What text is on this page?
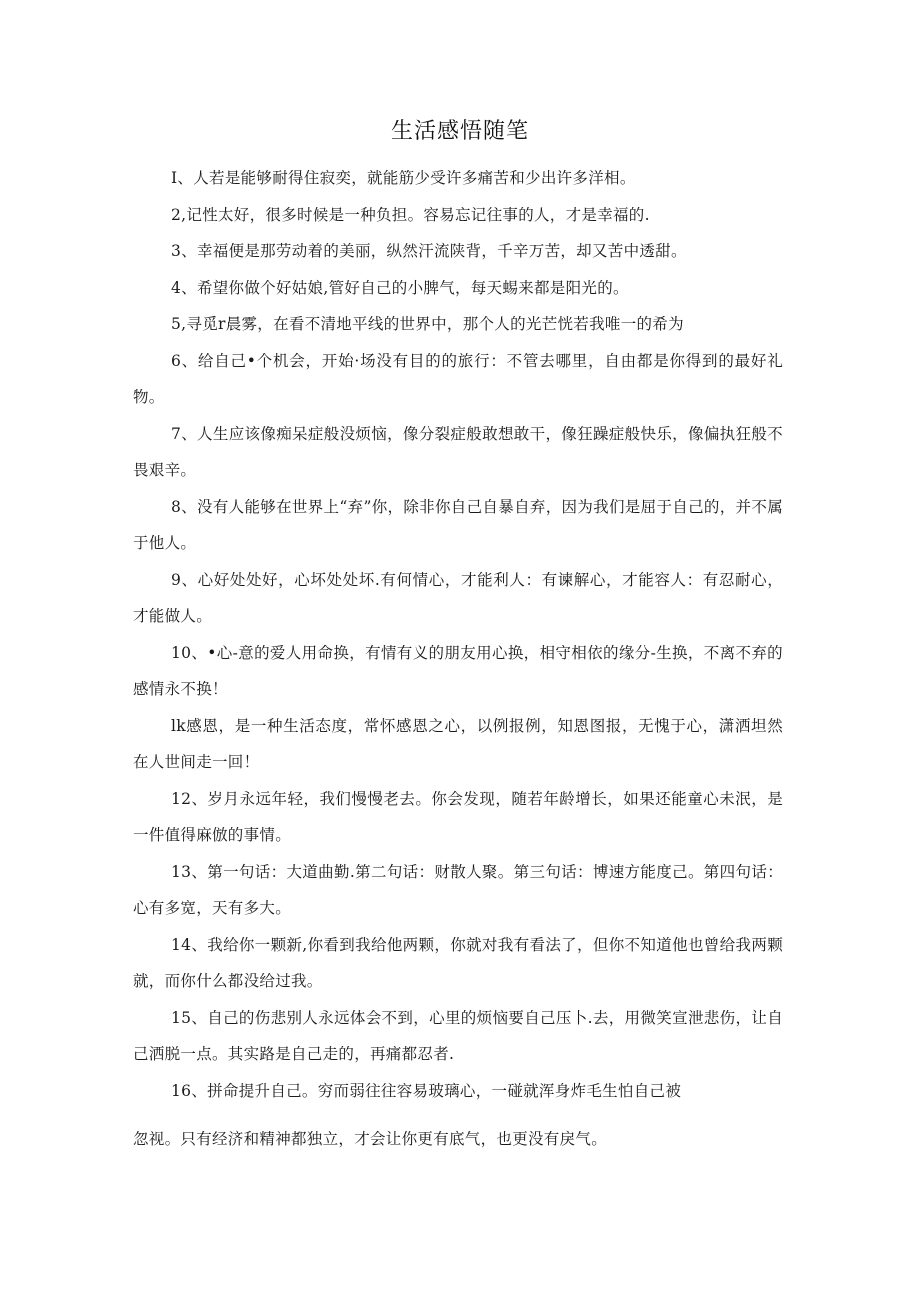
生活感悟随笔

I、人若是能够耐得住寂奕，就能筋少受许多痛苦和少出许多洋相。

2,记性太好，很多时候是一种负担。容易忘记往事的人，才是幸福的.

3、幸福便是那劳动着的美丽，纵然汗流陕背，千辛万苦，却又苦中透甜。

4、希望你做个好姑娘,管好自己的小脾气，每天蜴来都是阳光的。

5,寻觅r晨雾，在看不清地平线的世界中，那个人的光芒恍若我唯一的希为

6、给自己•个机会，开始·场没有目的的旅行：不管去哪里，自由都是你得到的最好礼物。

7、人生应该像痴呆症般没烦恼，像分裂症般敢想敢干，像狂躁症般快乐，像偏执狂般不畏艰辛。

8、没有人能够在世界上“弃”你，除非你自己自暴自弃，因为我们是屈于自己的，并不属于他人。

9、心好处处好，心坏处处坏.有何情心，才能利人：有谏解心，才能容人：有忍耐心，才能做人。

10、•心-意的爱人用命换，有情有义的朋友用心换，相守相依的缘分-生换，不离不弃的感情永不换！

lk感恩，是一种生活态度，常怀感恩之心，以例报例，知恩图报，无愧于心，潇洒坦然在人世间走一回！

12、岁月永远年轻，我们慢慢老去。你会发现，随若年龄增长，如果还能童心未泯，是一件值得麻倣的事情。

13、第一句话：大道曲勤.第二句话：财散人聚。第三句话：博速方能度己。第四句话：心有多宽，天有多大。

14、我给你一颗新,你看到我给他两颗，你就对我有看法了，但你不知道他也曾给我两颗就，而你什么都没给过我。

15、自己的伤悲别人永远体会不到，心里的烦恼要自己压卜.去，用微笑宣泄悲伤，让自己洒脱一点。其实路是自己走的，再痛都忍者.

16、拼命提升自己。穷而弱往往容易玻璃心，一碰就浑身炸毛生怕自己被
忽视。只有经济和精神都独立，才会让你更有底气，也更没有戾气。
